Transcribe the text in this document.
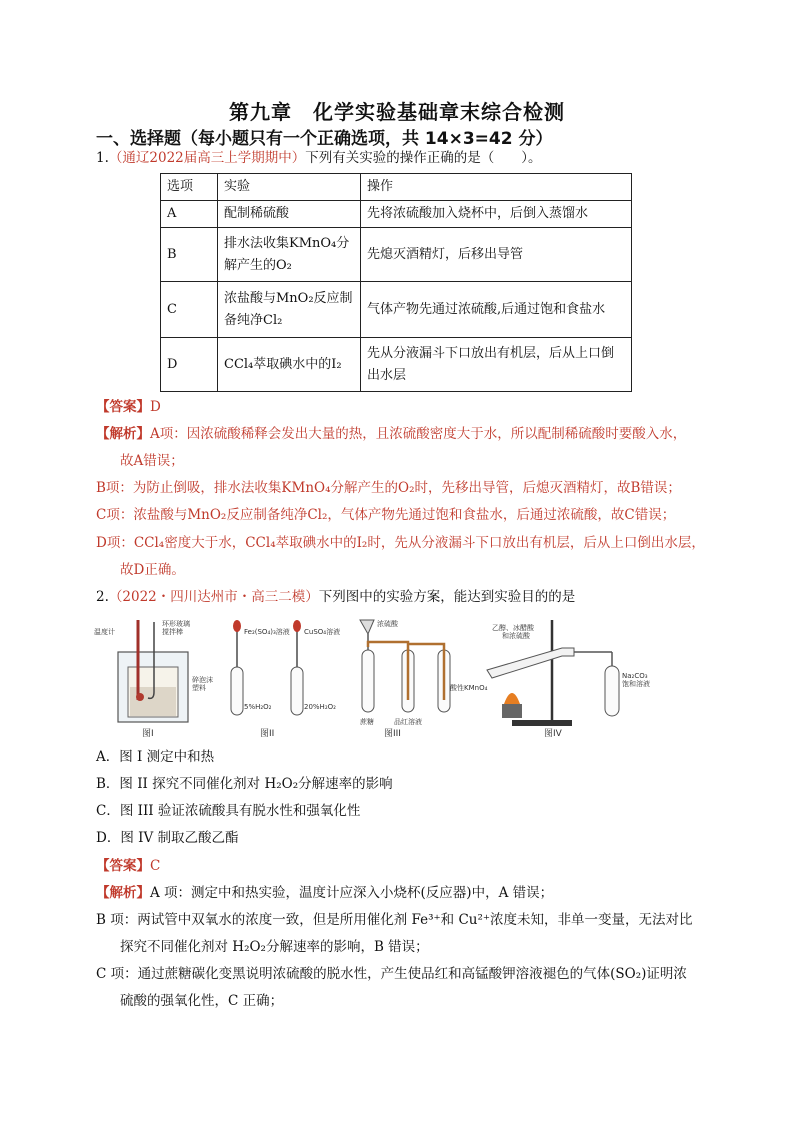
第九章　化学实验基础章末综合检测
一、选择题（每小题只有一个正确选项，共 14×3=42 分）
1.（通辽2022届高三上学期期中）下列有关实验的操作正确的是（　　）。
选项	实验	操作
A	配制稀硫酸	先将浓硫酸加入烧杯中，后倒入蒸馏水
B	排水法收集KMnO₄分解产生的O₂	先熄灭酒精灯，后移出导管
C	浓盐酸与MnO₂反应制备纯净Cl₂	气体产物先通过浓硫酸,后通过饱和食盐水
D	CCl₄萃取碘水中的I₂	先从分液漏斗下口放出有机层，后从上口倒出水层
【答案】D
【解析】A项：因浓硫酸稀释会发出大量的热，且浓硫酸密度大于水，所以配制稀硫酸时要酸入水，
故A错误；
B项：为防止倒吸，排水法收集KMnO₄分解产生的O₂时，先移出导管，后熄灭酒精灯，故B错误；
C项：浓盐酸与MnO₂反应制备纯净Cl₂，气体产物先通过饱和食盐水，后通过浓硫酸，故C错误；
D项：CCl₄密度大于水，CCl₄萃取碘水中的I₂时，先从分液漏斗下口放出有机层，后从上口倒出水层，
故D正确。
2.（2022・四川达州市・高三二模）下列图中的实验方案，能达到实验目的的是
温度计
环形玻璃
搅拌棒
碎泡沫
塑料
图I
Fe₂(SO₄)₃溶液 CuSO₄溶液
5%H₂O₂	20%H₂O₂
图II
浓硫酸
蔗糖	品红溶液
酸性KMnO₄
图III
乙醇、冰醋酸
和浓硫酸
Na₂CO₃
饱和溶液
图IV
A．图 I 测定中和热
B．图 II 探究不同催化剂对 H₂O₂分解速率的影响
C．图 III 验证浓硫酸具有脱水性和强氧化性
D．图 IV 制取乙酸乙酯
【答案】C
【解析】A 项：测定中和热实验，温度计应深入小烧杯(反应器)中，A 错误；
B 项：两试管中双氧水的浓度一致，但是所用催化剂 Fe³⁺和 Cu²⁺浓度未知，非单一变量，无法对比
探究不同催化剂对 H₂O₂分解速率的影响，B 错误；
C 项：通过蔗糖碳化变黑说明浓硫酸的脱水性，产生使品红和高锰酸钾溶液褪色的气体(SO₂)证明浓
硫酸的强氧化性，C 正确；
